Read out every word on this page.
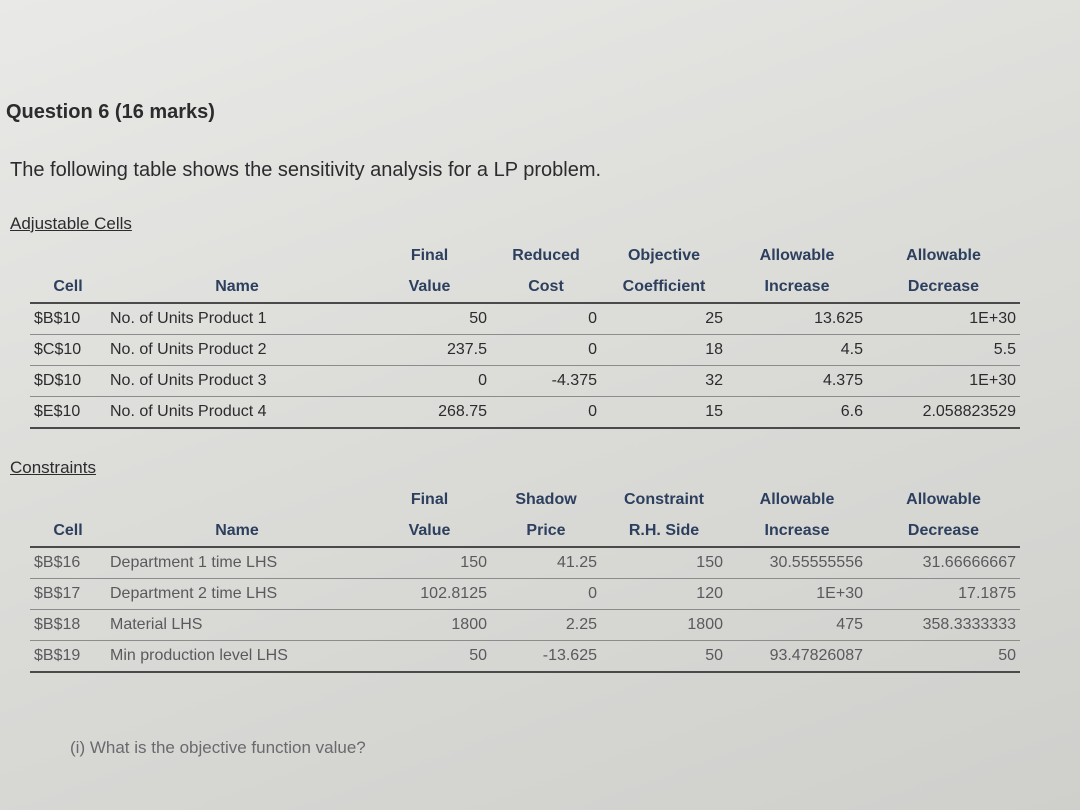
Question 6 (16 marks)
The following table shows the sensitivity analysis for a LP problem.
Adjustable Cells
		Final	Reduced	Objective	Allowable	Allowable
Cell	Name	Value	Cost	Coefficient	Increase	Decrease
$B$10	No. of Units Product 1	50	0	25	13.625	1E+30
$C$10	No. of Units Product 2	237.5	0	18	4.5	5.5
$D$10	No. of Units Product 3	0	-4.375	32	4.375	1E+30
$E$10	No. of Units Product 4	268.75	0	15	6.6	2.058823529
Constraints
		Final	Shadow	Constraint	Allowable	Allowable
Cell	Name	Value	Price	R.H. Side	Increase	Decrease
$B$16	Department 1 time LHS	150	41.25	150	30.55555556	31.66666667
$B$17	Department 2 time LHS	102.8125	0	120	1E+30	17.1875
$B$18	Material LHS	1800	2.25	1800	475	358.3333333
$B$19	Min production level LHS	50	-13.625	50	93.47826087	50
(i) What is the objective function value?
